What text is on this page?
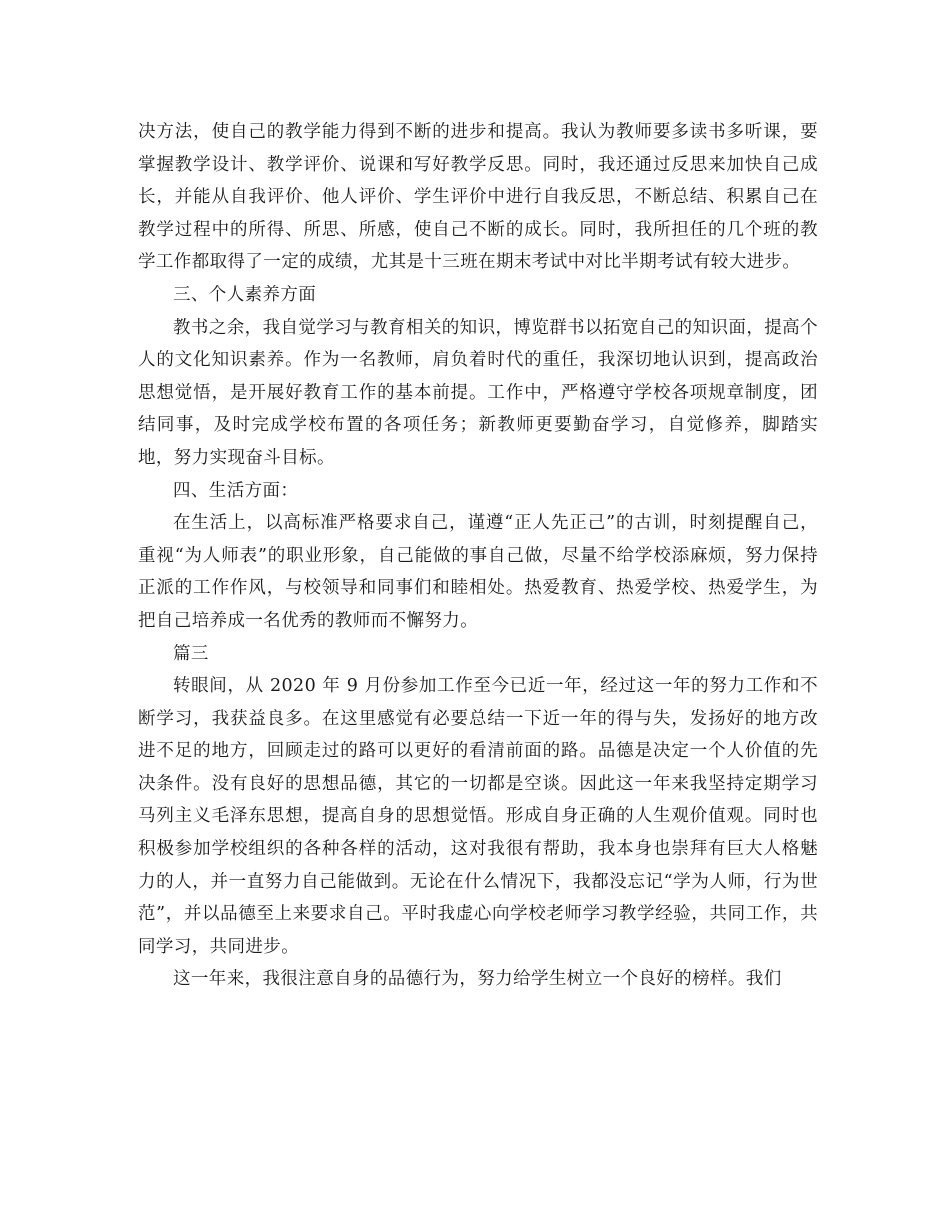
决方法，使自己的教学能力得到不断的进步和提高。我认为教师要多读书多听课，要掌握教学设计、教学评价、说课和写好教学反思。同时，我还通过反思来加快自己成长，并能从自我评价、他人评价、学生评价中进行自我反思，不断总结、积累自己在教学过程中的所得、所思、所感，使自己不断的成长。同时，我所担任的几个班的教学工作都取得了一定的成绩，尤其是十三班在期末考试中对比半期考试有较大进步。

三、个人素养方面

教书之余，我自觉学习与教育相关的知识，博览群书以拓宽自己的知识面，提高个人的文化知识素养。作为一名教师，肩负着时代的重任，我深切地认识到，提高政治思想觉悟，是开展好教育工作的基本前提。工作中，严格遵守学校各项规章制度，团结同事，及时完成学校布置的各项任务；新教师更要勤奋学习，自觉修养，脚踏实地，努力实现奋斗目标。

四、生活方面：

在生活上，以高标准严格要求自己，谨遵“正人先正己”的古训，时刻提醒自己，重视“为人师表”的职业形象，自己能做的事自己做，尽量不给学校添麻烦，努力保持正派的工作作风，与校领导和同事们和睦相处。热爱教育、热爱学校、热爱学生，为把自己培养成一名优秀的教师而不懈努力。

篇三

转眼间，从 2020 年 9 月份参加工作至今已近一年，经过这一年的努力工作和不断学习，我获益良多。在这里感觉有必要总结一下近一年的得与失，发扬好的地方改进不足的地方，回顾走过的路可以更好的看清前面的路。品德是决定一个人价值的先决条件。没有良好的思想品德，其它的一切都是空谈。因此这一年来我坚持定期学习马列主义毛泽东思想，提高自身的思想觉悟。形成自身正确的人生观价值观。同时也积极参加学校组织的各种各样的活动，这对我很有帮助，我本身也崇拜有巨大人格魅力的人，并一直努力自己能做到。无论在什么情况下，我都没忘记“学为人师，行为世范”，并以品德至上来要求自己。平时我虚心向学校老师学习教学经验，共同工作，共同学习，共同进步。

这一年来，我很注意自身的品德行为，努力给学生树立一个良好的榜样。我们
